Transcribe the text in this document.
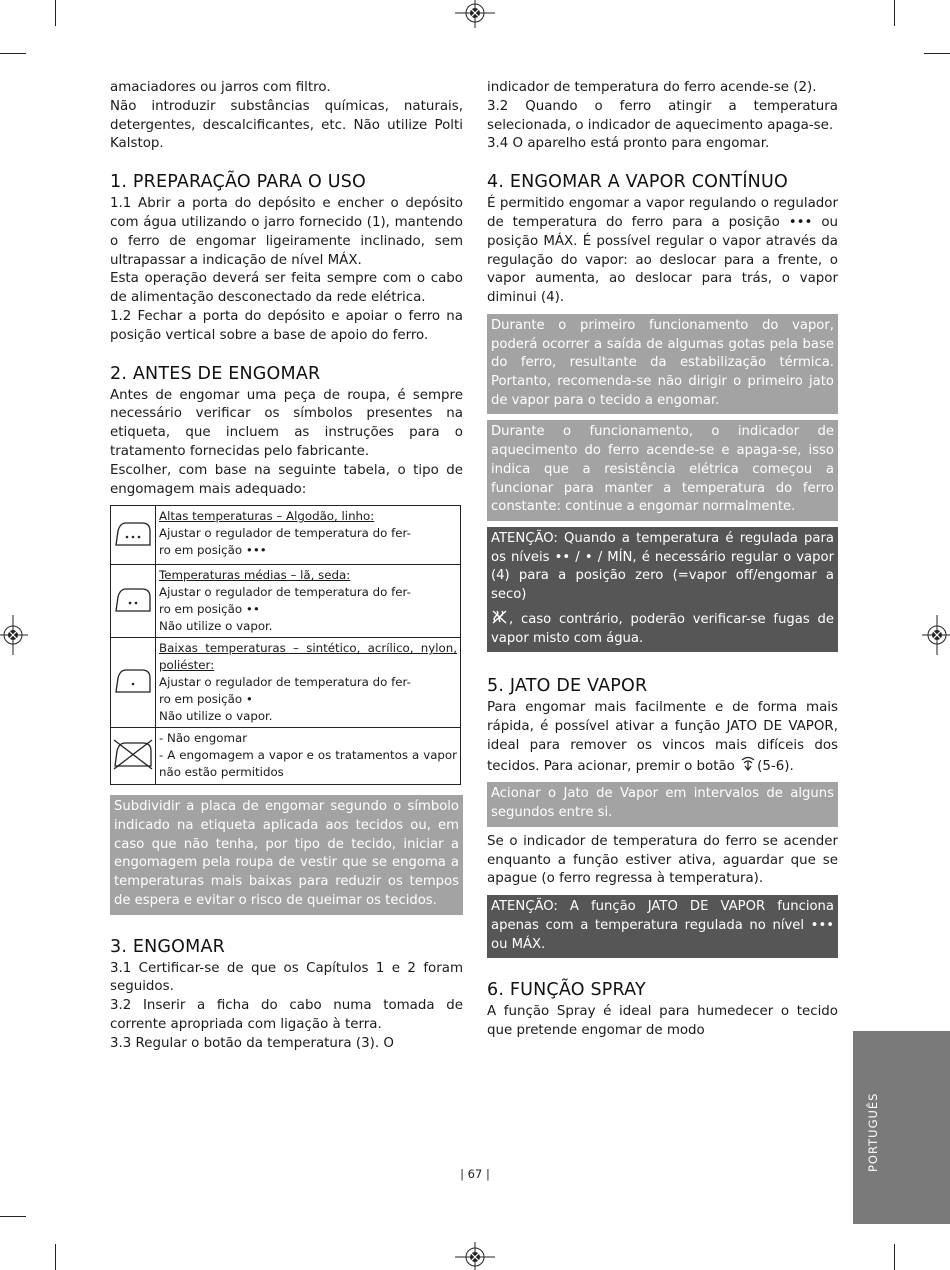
amaciadores ou jarros com filtro.

Não introduzir substâncias químicas, naturais, detergentes, descalcificantes, etc. Não utilize Polti Kalstop.

1. PREPARAÇÃO PARA O USO

1.1 Abrir a porta do depósito e encher o depósito com água utilizando o jarro fornecido (1), mantendo o ferro de engomar ligeiramente inclinado, sem ultrapassar a indicação de nível MÁX.

Esta operação deverá ser feita sempre com o cabo de alimentação desconectado da rede elétrica.

1.2 Fechar a porta do depósito e apoiar o ferro na posição vertical sobre a base de apoio do ferro.

2. ANTES DE ENGOMAR

Antes de engomar uma peça de roupa, é sempre necessário verificar os símbolos presentes na etiqueta, que incluem as instruções para o tratamento fornecidas pelo fabricante.

Escolher, com base na seguinte tabela, o tipo de engomagem mais adequado:

Altas temperaturas – Algodão, linho:
Ajustar o regulador de temperatura do fer-
ro em posição •••

Temperaturas médias – lã, seda:
Ajustar o regulador de temperatura do fer-
ro em posição ••
Não utilize o vapor.

Baixas temperaturas – sintético, acrílico, nylon, poliéster:
Ajustar o regulador de temperatura do fer-
ro em posição •
Não utilize o vapor.

- Não engomar
- A engomagem a vapor e os tratamentos a vapor não estão permitidos
Subdividir a placa de engomar segundo o símbolo indicado na etiqueta aplicada aos tecidos ou, em caso que não tenha, por tipo de tecido, iniciar a engomagem pela roupa de vestir que se engoma a temperaturas mais baixas para reduzir os tempos de espera e evitar o risco de queimar os tecidos.
3. ENGOMAR

3.1 Certificar-se de que os Capítulos 1 e 2 foram seguidos.

3.2 Inserir a ficha do cabo numa tomada de corrente apropriada com ligação à terra.

3.3 Regular o botão da temperatura (3). O

indicador de temperatura do ferro acende-se (2).

3.2 Quando o ferro atingir a temperatura selecionada, o indicador de aquecimento apaga-se.

3.4 O aparelho está pronto para engomar.

4. ENGOMAR A VAPOR CONTÍNUO

É permitido engomar a vapor regulando o regulador de temperatura do ferro para a posição ••• ou posição MÁX. É possível regular o vapor através da regulação do vapor: ao deslocar para a frente, o vapor aumenta, ao deslocar para trás, o vapor diminui (4).

Durante o primeiro funcionamento do vapor, poderá ocorrer a saída de algumas gotas pela base do ferro, resultante da estabilização térmica. Portanto, recomenda-se não dirigir o primeiro jato de vapor para o tecido a engomar.
Durante o funcionamento, o indicador de aquecimento do ferro acende-se e apaga-se, isso indica que a resistência elétrica começou a funcionar para manter a temperatura do ferro constante: continue a engomar normalmente.
ATENÇÃO: Quando a temperatura é regulada para os níveis •• / • / MÍN, é necessário regular o vapor (4) para a posição zero (=vapor off/engomar a seco)
, caso contrário, poderão verificar-se fugas de vapor misto com água.
5. JATO DE VAPOR

Para engomar mais facilmente e de forma mais rápida, é possível ativar a função JATO DE VAPOR, ideal para remover os vincos mais difíceis dos tecidos. Para acionar, premir o botão (5-6).

Acionar o Jato de Vapor em intervalos de alguns segundos entre si.

Se o indicador de temperatura do ferro se acender enquanto a função estiver ativa, aguardar que se apague (o ferro regressa à temperatura).

ATENÇÃO: A função JATO DE VAPOR funciona apenas com a temperatura regulada no nível ••• ou MÁX.
6. FUNÇÃO SPRAY

A função Spray é ideal para humedecer o tecido que pretende engomar de modo

| 67 |
PORTUGUÊS
